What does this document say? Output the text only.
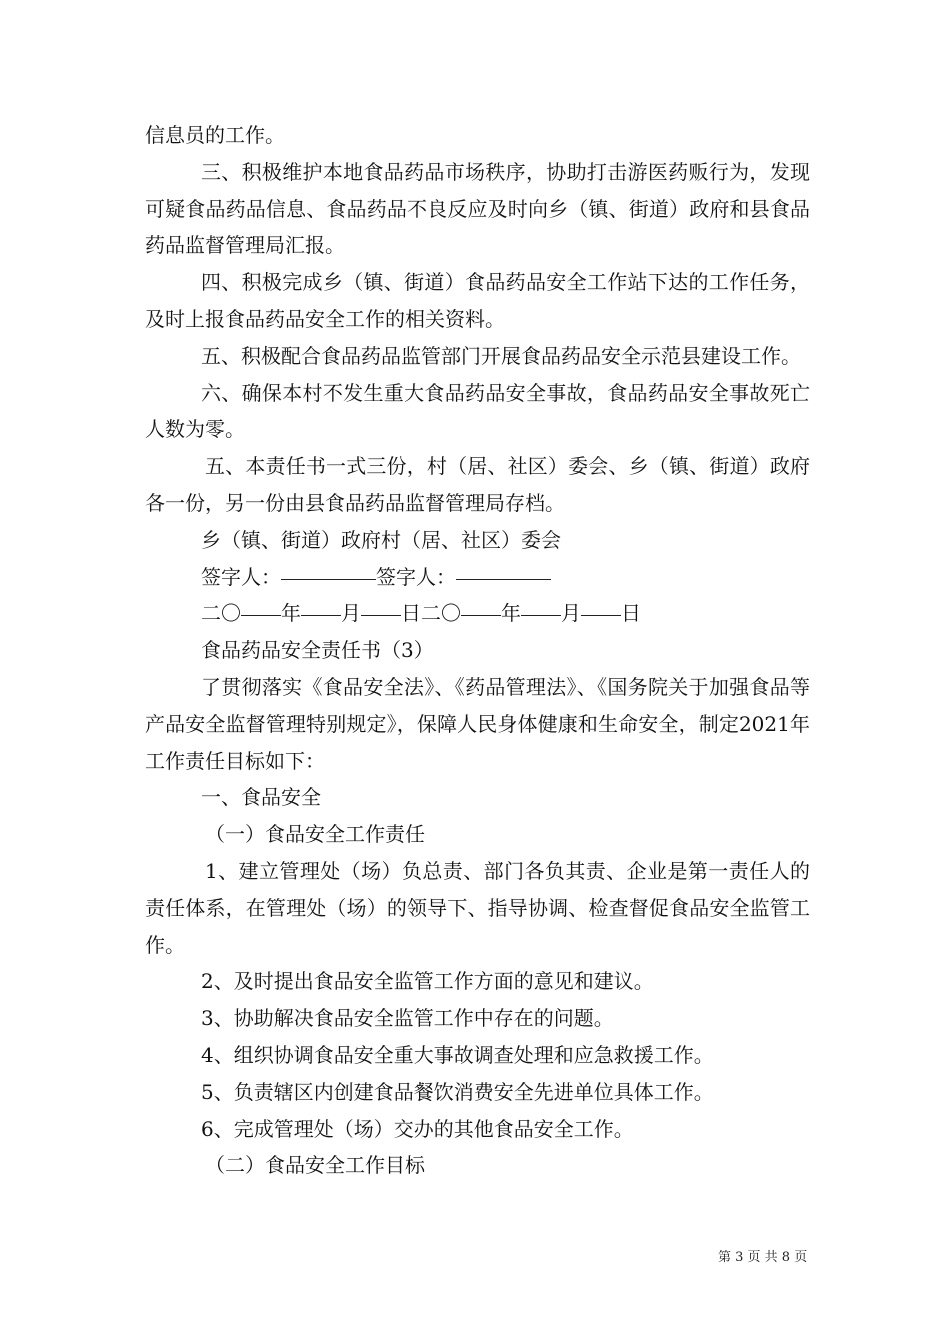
信息员的工作。

三、积极维护本地食品药品市场秩序，协助打击游医药贩行为，发现可疑食品药品信息、食品药品不良反应及时向乡（镇、街道）政府和县食品药品监督管理局汇报。

四、积极完成乡（镇、街道）食品药品安全工作站下达的工作任务，及时上报食品药品安全工作的相关资料。

五、积极配合食品药品监管部门开展食品药品安全示范县建设工作。

六、确保本村不发生重大食品药品安全事故，食品药品安全事故死亡人数为零。

五、本责任书一式三份，村（居、社区）委会、乡（镇、街道）政府各一份，另一份由县食品药品监督管理局存档。

乡（镇、街道）政府村（居、社区）委会

签字人：	签字人：

二〇 年 月 日二〇 年 月 日

食品药品安全责任书（3）

了贯彻落实《食品安全法》、《药品管理法》、《国务院关于加强食品等产品安全监督管理特别规定》，保障人民身体健康和生命安全，制定2021年工作责任目标如下：

一、食品安全

（一）食品安全工作责任

1、建立管理处（场）负总责、部门各负其责、企业是第一责任人的责任体系，在管理处（场）的领导下、指导协调、检查督促食品安全监管工作。

2、及时提出食品安全监管工作方面的意见和建议。

3、协助解决食品安全监管工作中存在的问题。

4、组织协调食品安全重大事故调查处理和应急救援工作。

5、负责辖区内创建食品餐饮消费安全先进单位具体工作。

6、完成管理处（场）交办的其他食品安全工作。

（二）食品安全工作目标

第 3 页 共 8 页
